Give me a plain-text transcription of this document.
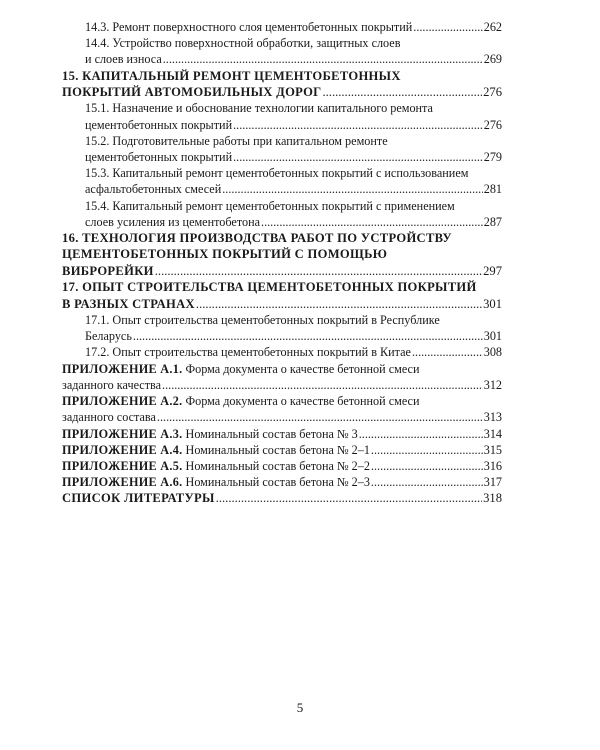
14.3. Ремонт поверхностного слоя цементобетонных покрытий .....	262
14.4. Устройство поверхностной обработки, защитных слоев
и слоев износа .....	269
15. КАПИТАЛЬНЫЙ РЕМОНТ ЦЕМЕНТОБЕТОННЫХ
ПОКРЫТИЙ АВТОМОБИЛЬНЫХ ДОРОГ .....	276
15.1. Назначение и обоснование технологии капитального ремонта
цементобетонных покрытий .....	276
15.2. Подготовительные работы при капитальном ремонте
цементобетонных покрытий .....	279
15.3. Капитальный ремонт цементобетонных покрытий с использованием
асфальтобетонных смесей .....	281
15.4. Капитальный ремонт цементобетонных покрытий с применением
слоев усиления из цементобетона .....	287
16. ТЕХНОЛОГИЯ ПРОИЗВОДСТВА РАБОТ ПО УСТРОЙСТВУ
ЦЕМЕНТОБЕТОННЫХ ПОКРЫТИЙ С ПОМОЩЬЮ
ВИБРОРЕЙКИ .....	297
17. ОПЫТ СТРОИТЕЛЬСТВА ЦЕМЕНТОБЕТОННЫХ ПОКРЫТИЙ
В РАЗНЫХ СТРАНАХ .....	301
17.1. Опыт строительства цементобетонных покрытий в Республике
Беларусь .....	301
17.2. Опыт строительства цементобетонных покрытий в Китае .....	308
ПРИЛОЖЕНИЕ А.1. Форма документа о качестве бетонной смеси
заданного качества .....	312
ПРИЛОЖЕНИЕ А.2. Форма документа о качестве бетонной смеси
заданного состава .....	313
ПРИЛОЖЕНИЕ А.3. Номинальный состав бетона № 3 .....	314
ПРИЛОЖЕНИЕ А.4. Номинальный состав бетона № 2–1 .....	315
ПРИЛОЖЕНИЕ А.5. Номинальный состав бетона № 2–2 .....	316
ПРИЛОЖЕНИЕ А.6. Номинальный состав бетона № 2–3 .....	317
СПИСОК ЛИТЕРАТУРЫ .....	318
5
